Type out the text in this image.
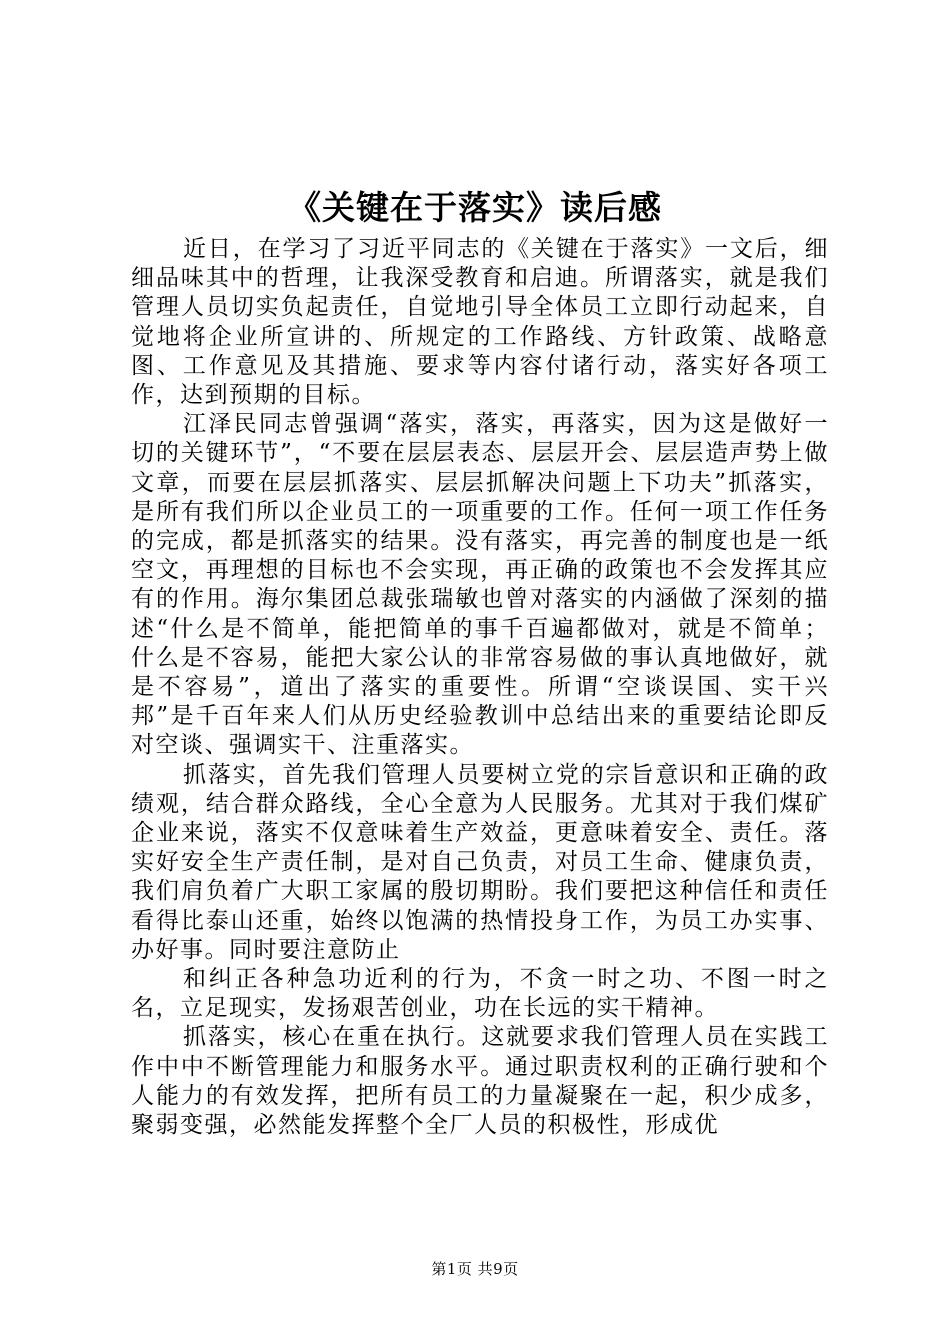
《关键在于落实》读后感

近日，在学习了习近平同志的《关键在于落实》一文后，细细品味其中的哲理，让我深受教育和启迪。所谓落实，就是我们管理人员切实负起责任，自觉地引导全体员工立即行动起来，自觉地将企业所宣讲的、所规定的工作路线、方针政策、战略意图、工作意见及其措施、要求等内容付诸行动，落实好各项工作，达到预期的目标。

江泽民同志曾强调“落实，落实，再落实，因为这是做好一切的关键环节”，“不要在层层表态、层层开会、层层造声势上做文章，而要在层层抓落实、层层抓解决问题上下功夫”抓落实，是所有我们所以企业员工的一项重要的工作。任何一项工作任务的完成，都是抓落实的结果。没有落实，再完善的制度也是一纸空文，再理想的目标也不会实现，再正确的政策也不会发挥其应有的作用。海尔集团总裁张瑞敏也曾对落实的内涵做了深刻的描述“什么是不简单，能把简单的事千百遍都做对，就是不简单；什么是不容易，能把大家公认的非常容易做的事认真地做好，就是不容易”，道出了落实的重要性。所谓“空谈误国、实干兴邦”是千百年来人们从历史经验教训中总结出来的重要结论即反对空谈、强调实干、注重落实。

抓落实，首先我们管理人员要树立党的宗旨意识和正确的政绩观，结合群众路线，全心全意为人民服务。尤其对于我们煤矿企业来说，落实不仅意味着生产效益，更意味着安全、责任。落实好安全生产责任制，是对自己负责，对员工生命、健康负责，我们肩负着广大职工家属的殷切期盼。我们要把这种信任和责任看得比泰山还重，始终以饱满的热情投身工作，为员工办实事、办好事。同时要注意防止

和纠正各种急功近利的行为，不贪一时之功、不图一时之名，立足现实，发扬艰苦创业，功在长远的实干精神。

抓落实，核心在重在执行。这就要求我们管理人员在实践工作中中不断管理能力和服务水平。通过职责权利的正确行驶和个人能力的有效发挥，把所有员工的力量凝聚在一起，积少成多，聚弱变强，必然能发挥整个全厂人员的积极性，形成优

第1页 共9页
